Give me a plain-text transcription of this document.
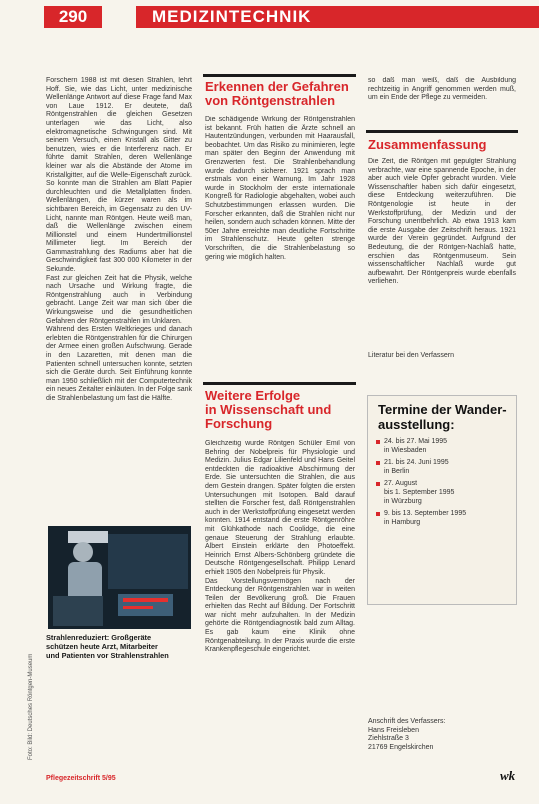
290	MEDIZINTECHNIK

Forschern 1988 ist mit diesen Strahlen, lehrt Hoff. Sie, wie das Licht, unter medizinische Wellenlänge Antwort auf diese Frage fand Max von Laue 1912. Er deutete, daß Röntgenstrahlen die gleichen Gesetzen unterlagen wie das Licht, also elektromagnetische Schwingungen sind. Mit seinem Versuch, einen Kristall als Gitter zu benutzen, wies er die Interferenz nach. Er führte damit Strahlen, deren Wellenlänge kleiner war als die Abstände der Atome im Kristallgitter, auf die Welle-Eigenschaft zurück. So konnte man die Strahlen am Blatt Papier durchleuchten und die Metallplatten finden. Wellenlängen, die kürzer waren als im sichtbaren Bereich, im Gegensatz zu den UV-Licht, nannte man Röntgen. Heute weiß man, daß die Wellenlänge zwischen einem Millionstel und einem Hundertmillionstel Millimeter liegt. Im Bereich der Gammastrahlung des Radiums aber hat die Geschwindigkeit fast 300 000 Kilometer in der Sekunde.
Fast zur gleichen Zeit hat die Physik, welche nach Ursache und Wirkung fragte, die Röntgenstrahlung auch in Verbindung gebracht. Lange Zeit war man sich über die Wirkungsweise und die gesundheitlichen Gefahren der Röntgenstrahlen im Unklaren.
Während des Ersten Weltkrieges und danach erlebten die Röntgenstrahlen für die Chirurgen der Armee einen großen Aufschwung. Gerade in den Lazaretten, mit denen man die Patienten schnell untersuchen konnte, setzten sich die Geräte durch. Seit Einführung konnte man 1950 schließlich mit der Computertechnik ein neues Zeitalter einläuten. In der Folge sank die Strahlenbelastung um fast die Hälfte.

Foto: Bild: Deutsches Röntgen-Museum

Strahlenreduziert: Großgeräte
schützen heute Arzt, Mitarbeiter
und Patienten vor Strahlenstrahlen

Erkennen der Gefahren
von Röntgenstrahlen

Die schädigende Wirkung der Röntgenstrahlen ist bekannt. Früh hatten die Ärzte schnell an Hautentzündungen, verbunden mit Haarausfall, beobachtet. Um das Risiko zu minimieren, legte man später den Beginn der Anwendung mit Grenzwerten fest. Die Strahlenbehandlung wurde dadurch sicherer. 1921 sprach man erstmals von einer Warnung. Im Jahr 1928 wurde in Stockholm der erste internationale Kongreß für Radiologie abgehalten, wobei auch Schutzbestimmungen erlassen wurden. Die Forscher erkannten, daß die Strahlen nicht nur heilen, sondern auch schaden können. Mitte der 50er Jahre erreichte man deutliche Fortschritte im Strahlenschutz. Heute gelten strenge Vorschriften, die die Strahlenbelastung so gering wie möglich halten.

Weitere Erfolge
in Wissenschaft und
Forschung

Gleichzeitig wurde Röntgen Schüler Emil von Behring der Nobelpreis für Physiologie und Medizin. Julius Edgar Lilienfeld und Hans Geitel entdeckten die radioaktive Abschirmung der Erde. Sie untersuchten die Strahlen, die aus dem Gestein drangen. Später folgten die ersten Untersuchungen mit Isotopen. Bald darauf stellten die Forscher fest, daß Röntgenstrahlen auch in der Werkstoffprüfung eingesetzt werden konnten. 1914 entstand die erste Röntgenröhre mit Glühkathode nach Coolidge, die eine genaue Steuerung der Strahlung erlaubte. Albert Einstein erklärte den Photoeffekt. Heinrich Ernst Albers-Schönberg gründete die Deutsche Röntgengesellschaft. Philipp Lenard erhielt 1905 den Nobelpreis für Physik.
Das Vorstellungsvermögen nach der Entdeckung der Röntgenstrahlen war in weiten Teilen der Bevölkerung groß. Die Frauen erhielten das Recht auf Bildung. Der Fortschritt war nicht mehr aufzuhalten. In der Medizin gehörte die Röntgendiagnostik bald zum Alltag. Es gab kaum eine Klinik ohne Röntgenabteilung. In der Praxis wurde die erste Krankenpflegeschule eingerichtet.

so daß man weiß, daß die Ausbildung rechtzeitig in Angriff genommen werden muß, um ein Ende der Pflege zu vermeiden.

Zusammenfassung

Die Zeit, die Röntgen mit gepulgter Strahlung verbrachte, war eine spannende Epoche, in der aber auch viele Opfer gebracht wurden. Viele Wissenschaftler haben sich dafür eingesetzt, diese Entdeckung weiterzuführen. Die Röntgenologie ist heute in der Werkstoffprüfung, der Medizin und der Forschung unentbehrlich. Ab etwa 1913 kam die erste Ausgabe der Zeitschrift heraus. 1921 wurde der Verein gegründet. Aufgrund der Bedeutung, die der Röntgen-Nachlaß hatte, erschien das Röntgenmuseum. Sein wissenschaftlicher Nachlaß wurde gut aufbewahrt. Der Röntgenpreis wurde ebenfalls verliehen.

Literatur bei den Verfassern
Termine der Wander-
ausstellung:
24. bis 27. Mai 1995
in Wiesbaden
21. bis 24. Juni 1995
in Berlin
27. August
bis 1. September 1995
in Würzburg
9. bis 13. September 1995
in Hamburg
Anschrift des Verfassers:
Hans Freisleben
Ziehlstraße 3
21769 Engelskirchen
Pflegezeitschrift 5/95	wk
